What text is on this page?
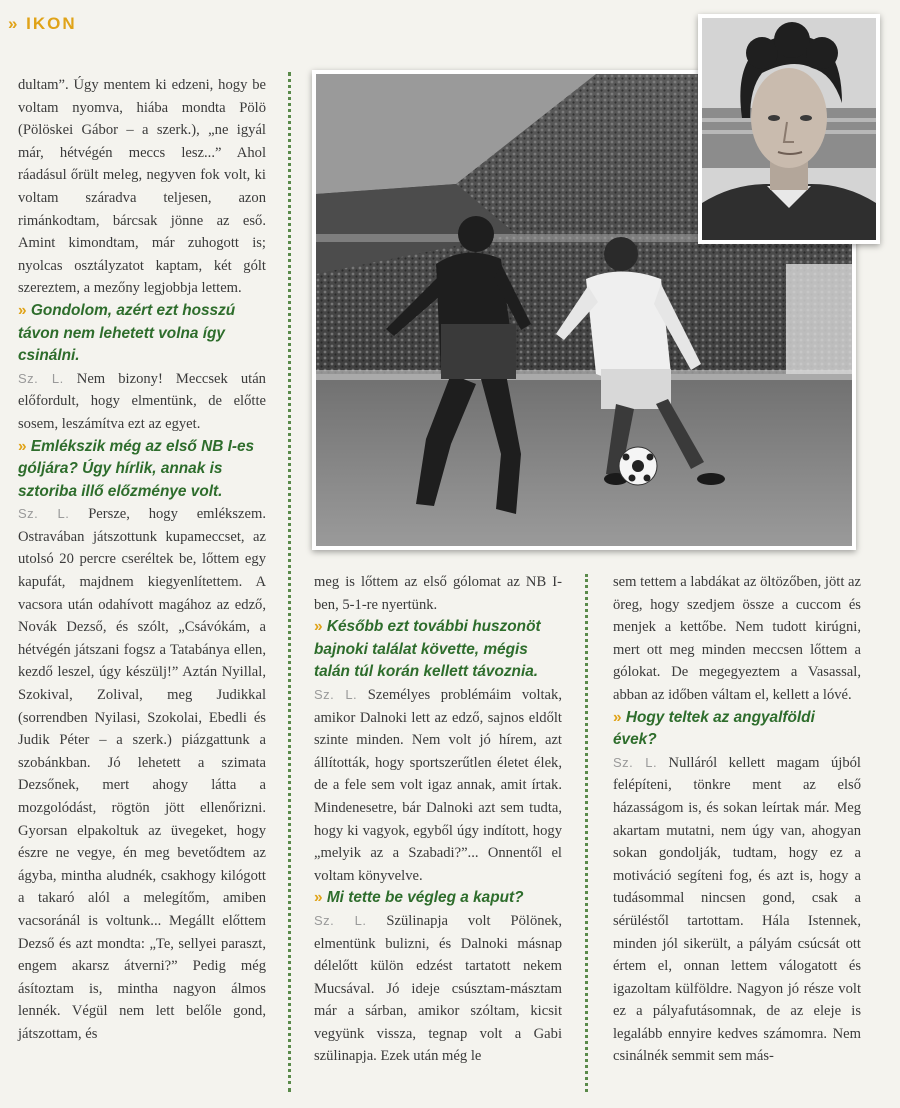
» IKON

dultam”. Úgy mentem ki edzeni, hogy be voltam nyomva, hiába mondta Pölö (Pölöskei Gábor – a szerk.), „ne igyál már, hétvégén meccs lesz...” Ahol ráadásul őrült meleg, negyven fok volt, ki voltam száradva teljesen, azon rimánkodtam, bárcsak jönne az eső. Amint kimondtam, már zuhogott is; nyolcas osztályzatot kaptam, két gólt szereztem, a mezőny legjobbja lettem.

» Gondolom, azért ezt hosszú távon nem lehetett volna így csinálni.

Sz. L. Nem bizony! Meccsek után előfordult, hogy elmentünk, de előtte sosem, leszámítva ezt az egyet.

» Emlékszik még az első NB I-es góljára? Úgy hírlik, annak is sztoriba illő előzménye volt.

Sz. L. Persze, hogy emlékszem. Ostravában játszottunk kupameccset, az utolsó 20 percre cseréltek be, lőttem egy kapufát, majdnem kiegyenlítettem. A vacsora után odahívott magához az edző, Novák Dezső, és szólt, „Csávókám, a hétvégén játszani fogsz a Tatabánya ellen, kezdő leszel, úgy készülj!” Aztán Nyillal, Szokival, Zolival, meg Judikkal (sorrendben Nyilasi, Szokolai, Ebedli és Judik Péter – a szerk.) piázgattunk a szobánkban. Jó lehetett a szimata Dezsőnek, mert ahogy látta a mozgolódást, rögtön jött ellenőrizni. Gyorsan elpakoltuk az üvegeket, hogy észre ne vegye, én meg bevetődtem az ágyba, mintha aludnék, csakhogy kilógott a takaró alól a melegítőm, amiben vacsoránál is voltunk... Megállt előttem Dezső és azt mondta: „Te, sellyei paraszt, engem akarsz átverni?” Pedig még ásítoztam is, mintha nagyon álmos lennék. Végül nem lett belőle gond, játszottam, és

meg is lőttem az első gólomat az NB I-ben, 5-1-re nyertünk.

» Később ezt további huszonöt bajnoki találat követte, mégis talán túl korán kellett távoznia.

Sz. L. Személyes problémáim voltak, amikor Dalnoki lett az edző, sajnos eldőlt szinte minden. Nem volt jó hírem, azt állították, hogy sportszerűtlen életet élek, de a fele sem volt igaz annak, amit írtak. Mindenesetre, bár Dalnoki azt sem tudta, hogy ki vagyok, egyből úgy indított, hogy „melyik az a Szabadi?”... Onnentől el voltam könyvelve.

» Mi tette be végleg a kaput?

Sz. L. Szülinapja volt Pölönek, elmentünk bulizni, és Dalnoki másnap délelőtt külön edzést tartatott nekem Mucsával. Jó ideje csúsztam-másztam már a sárban, amikor szóltam, kicsit vegyünk vissza, tegnap volt a Gabi szülinapja. Ezek után még le

sem tettem a labdákat az öltözőben, jött az öreg, hogy szedjem össze a cuccom és menjek a kettőbe. Nem tudott kirúgni, mert ott meg minden meccsen lőttem a gólokat. De megegyeztem a Vasassal, abban az időben váltam el, kellett a lóvé.

» Hogy teltek az angyalföldi évek?

Sz. L. Nulláról kellett magam újból felépíteni, tönkre ment az első házasságom is, és sokan leírtak már. Meg akartam mutatni, nem úgy van, ahogyan sokan gondolják, tudtam, hogy ez a motiváció segíteni fog, és azt is, hogy a tudásommal nincsen gond, csak a sérüléstől tartottam. Hála Istennek, minden jól sikerült, a pályám csúcsát ott értem el, onnan lettem válogatott és igazoltam külföldre. Nagyon jó része volt ez a pályafutásomnak, de az eleje is legalább ennyire kedves számomra. Nem csinálnék semmit sem más-
